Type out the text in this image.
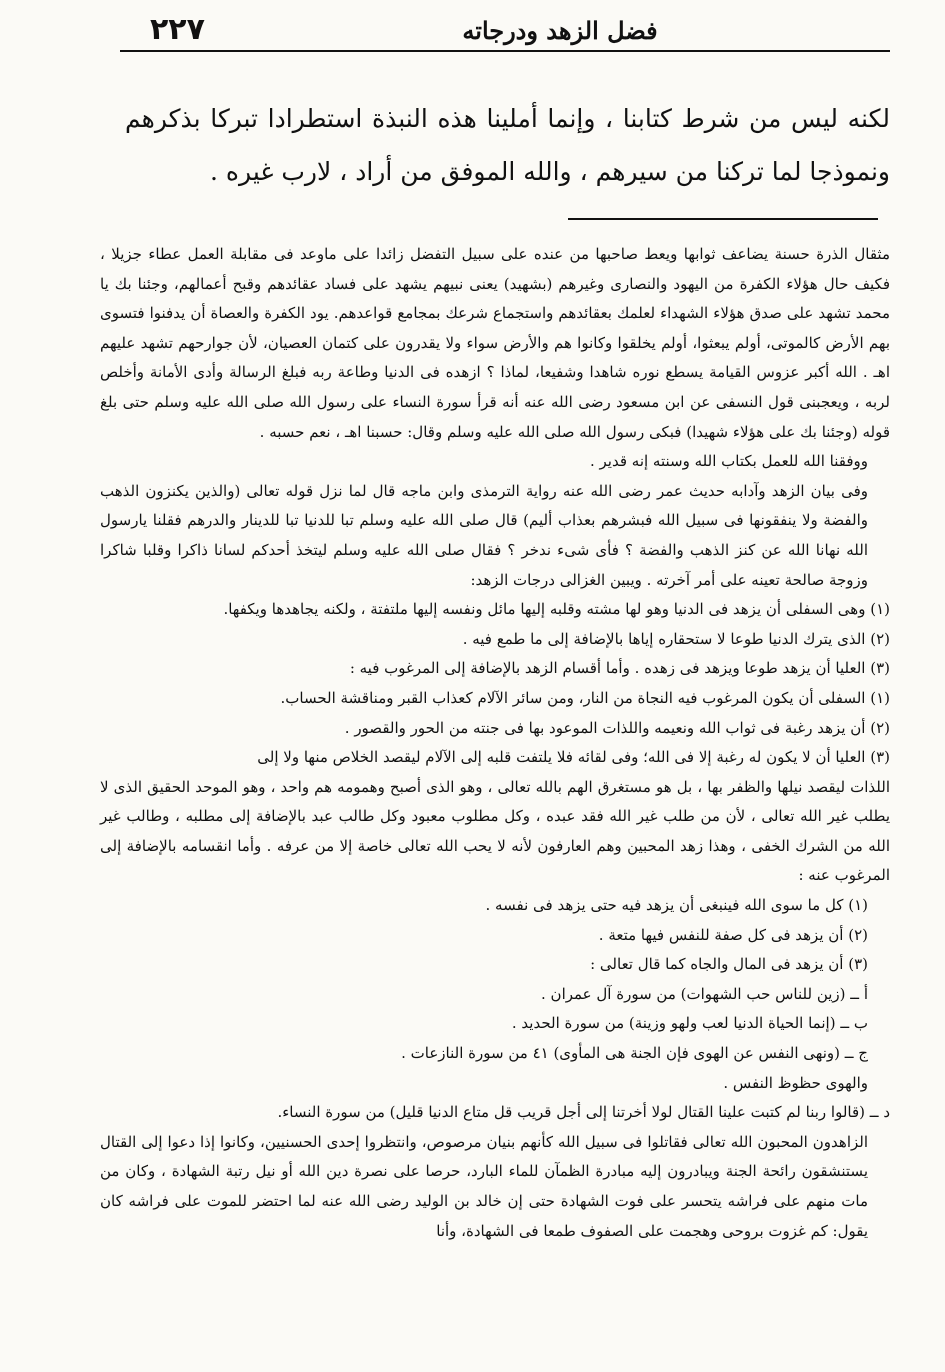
٢٢٧	فضل الزهد ودرجاته

لكنه ليس من شرط كتابنا ، وإنما أملينا هذه النبذة استطرادا تبركا بذكرهم ونموذجا لما تركنا من سيرهم ، والله الموفق من أراد ، لارب غيره .

مثقال الذرة حسنة يضاعف ثوابها ويعط صاحبها من عنده على سبيل التفضل زائدا على ماوعد فى مقابلة العمل عطاء جزيلا ، فكيف حال هؤلاء الكفرة من اليهود والنصارى وغيرهم (بشهيد) يعنى نبيهم يشهد على فساد عقائدهم وقبح أعمالهم، وجئنا بك يا محمد تشهد على صدق هؤلاء الشهداء لعلمك بعقائدهم واستجماع شرعك بمجامع قواعدهم. يود الكفرة والعصاة أن يدفنوا فتسوى بهم الأرض كالموتى، أولم يبعثوا، أولم يخلقوا وكانوا هم والأرض سواء ولا يقدرون على كتمان العصيان، لأن جوارحهم تشهد عليهم اهـ . الله أكبر عزوس القيامة يسطع نوره شاهدا وشفيعا، لماذا ؟ ازهده فى الدنيا وطاعة ربه فبلغ الرسالة وأدى الأمانة وأخلص لربه ، ويعجبنى قول النسفى عن ابن مسعود رضى الله عنه أنه قرأ سورة النساء على رسول الله صلى الله عليه وسلم حتى بلغ قوله (وجئنا بك على هؤلاء شهيدا) فبكى رسول الله صلى الله عليه وسلم وقال: حسبنا اهـ ، نعم حسبه .

ووفقنا الله للعمل بكتاب الله وسنته إنه قدير .

وفى بيان الزهد وآدابه حديث عمر رضى الله عنه رواية الترمذى وابن ماجه قال لما نزل قوله تعالى (والذين يكنزون الذهب والفضة ولا ينفقونها فى سبيل الله فبشرهم بعذاب أليم) قال صلى الله عليه وسلم تبا للدنيا تبا للدينار والدرهم فقلنا يارسول الله نهانا الله عن كنز الذهب والفضة ؟ فأى شىء ندخر ؟ فقال صلى الله عليه وسلم ليتخذ أحدكم لسانا ذاكرا وقلبا شاكرا وزوجة صالحة تعينه على أمر آخرته . ويبين الغزالى درجات الزهد:

(١) وهى السفلى أن يزهد فى الدنيا وهو لها مشته وقلبه إليها مائل ونفسه إليها ملتفتة ، ولكنه يجاهدها ويكفها.

(٢) الذى يترك الدنيا طوعا لا ستحقاره إياها بالإضافة إلى ما طمع فيه .

(٣) العليا أن يزهد طوعا ويزهد فى زهده . وأما أقسام الزهد بالإضافة إلى المرغوب فيه :

(١) السفلى أن يكون المرغوب فيه النجاة من النار، ومن سائر الآلام كعذاب القبر ومناقشة الحساب.

(٢) أن يزهد رغبة فى ثواب الله ونعيمه واللذات الموعود بها فى جنته من الحور والقصور .

(٣) العليا أن لا يكون له رغبة إلا فى الله؛ وفى لقائه فلا يلتفت قلبه إلى الآلام ليقصد الخلاص منها ولا إلى

اللذات ليقصد نيلها والظفر بها ، بل هو مستغرق الهم بالله تعالى ، وهو الذى أصبح وهمومه هم واحد ، وهو الموحد الحقيق الذى لا يطلب غير الله تعالى ، لأن من طلب غير الله فقد عبده ، وكل مطلوب معبود وكل طالب عبد بالإضافة إلى مطلبه ، وطالب غير الله من الشرك الخفى ، وهذا زهد المحبين وهم العارفون لأنه لا يحب الله تعالى خاصة إلا من عرفه . وأما انقسامه بالإضافة إلى المرغوب عنه :

(١) كل ما سوى الله فينبغى أن يزهد فيه حتى يزهد فى نفسه .

(٢) أن يزهد فى كل صفة للنفس فيها متعة .

(٣) أن يزهد فى المال والجاه كما قال تعالى :

أ ــ (زين للناس حب الشهوات) من سورة آل عمران .

ب ــ (إنما الحياة الدنيا لعب ولهو وزينة) من سورة الحديد .

ج ــ (ونهى النفس عن الهوى فإن الجنة هى المأوى) ٤١ من سورة النازعات .

والهوى حظوظ النفس .

د ــ (قالوا ربنا لم كتبت علينا القتال لولا أخرتنا إلى أجل قريب قل متاع الدنيا قليل) من سورة النساء.

الزاهدون المحبون الله تعالى فقاتلوا فى سبيل الله كأنهم بنيان مرصوص، وانتظروا إحدى الحسنيين، وكانوا إذا دعوا إلى القتال يستنشقون رائحة الجنة ويبادرون إليه مبادرة الظمآن للماء البارد، حرصا على نصرة دين الله أو نيل رتبة الشهادة ، وكان من مات منهم على فراشه يتحسر على فوت الشهادة حتى إن خالد بن الوليد رضى الله عنه لما احتضر للموت على فراشه كان يقول: كم غزوت بروحى وهجمت على الصفوف طمعا فى الشهادة، وأنا
